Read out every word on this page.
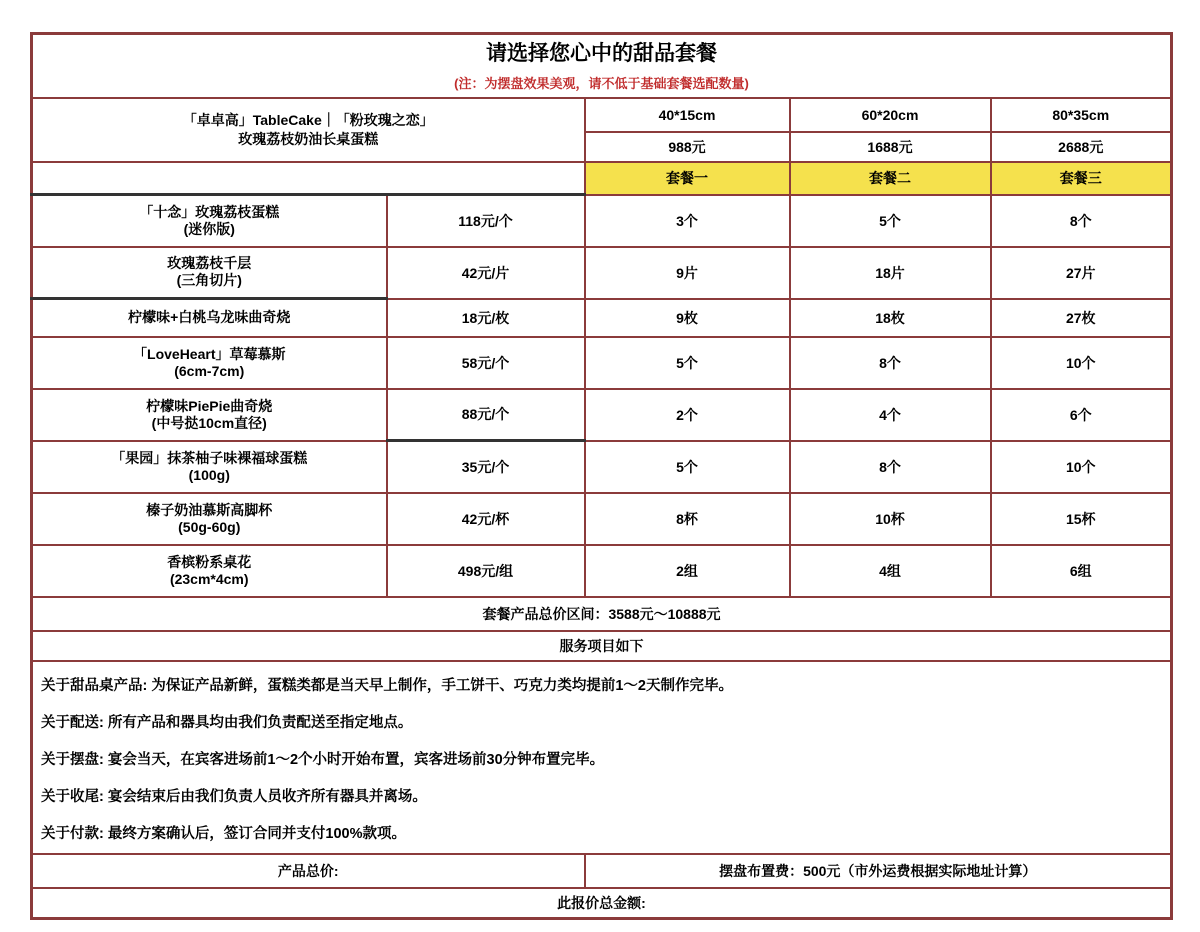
请选择您心中的甜品套餐
(注：为摆盘效果美观，请不低于基础套餐选配数量)				

「卓卓高」TableCake｜「粉玫瑰之恋」
玫瑰荔枝奶油长桌蛋糕		40*15cm	60*20cm	80*35cm
		988元	1688元	2688元
		套餐一	套餐二	套餐三

「十念」玫瑰荔枝蛋糕
(迷你版)	118元/个	3个	5个	8个

玫瑰荔枝千层
(三角切片)	42元/片	9片	18片	27片

柠檬味+白桃乌龙味曲奇烧	18元/枚	9枚	18枚	27枚

「LoveHeart」草莓慕斯
(6cm-7cm)	58元/个	5个	8个	10个

柠檬味PiePie曲奇烧
(中号挞10cm直径)	88元/个	2个	4个	6个

「果园」抹茶柚子味裸福球蛋糕
(100g)	35元/个	5个	8个	10个

榛子奶油慕斯高脚杯
(50g-60g)	42元/杯	8杯	10杯	15杯

香槟粉系桌花
(23cm*4cm)	498元/组	2组	4组	6组
套餐产品总价区间：3588元～10888元				
服务项目如下				

关于甜品桌产品: 为保证产品新鲜，蛋糕类都是当天早上制作，手工饼干、巧克力类均提前1～2天制作完毕。

关于配送: 所有产品和器具均由我们负责配送至指定地点。

关于摆盘: 宴会当天，在宾客进场前1～2个小时开始布置，宾客进场前30分钟布置完毕。

关于收尾: 宴会结束后由我们负责人员收齐所有器具并离场。

关于付款: 最终方案确认后，签订合同并支付100%款项。				

产品总价:		摆盘布置费：500元（市外运费根据实际地址计算）		
此报价总金额:				
